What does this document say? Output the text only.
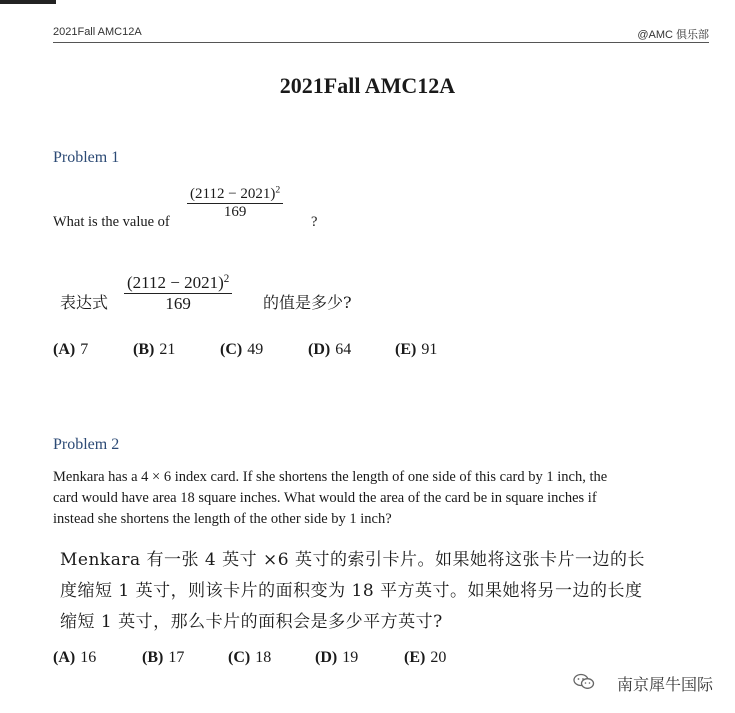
2021Fall AMC12A	@AMC 俱乐部
2021Fall AMC12A
Problem 1
What is the value of
$(2112 - 2021)^2$
169
?
表达式
$(2112 - 2021)^2$
169	的值是多少?
(A) 7	(B) 21	(C) 49	(D) 64	(E) 91
Problem 2
Menkara has a 4 × 6 index card. If she shortens the length of one side of this card by 1 inch, the
card would have area 18 square inches. What would the area of the card be in square inches if
instead she shortens the length of the other side by 1 inch?
Menkara 有一张 4 英寸 ×6 英寸的索引卡片。如果她将这张卡片一边的长
度缩短 1 英寸，则该卡片的面积变为 18 平方英寸。如果她将另一边的长度
缩短 1 英寸，那么卡片的面积会是多少平方英寸?
(A) 16	(B) 17	(C) 18	(D) 19	(E) 20
南京犀牛国际
